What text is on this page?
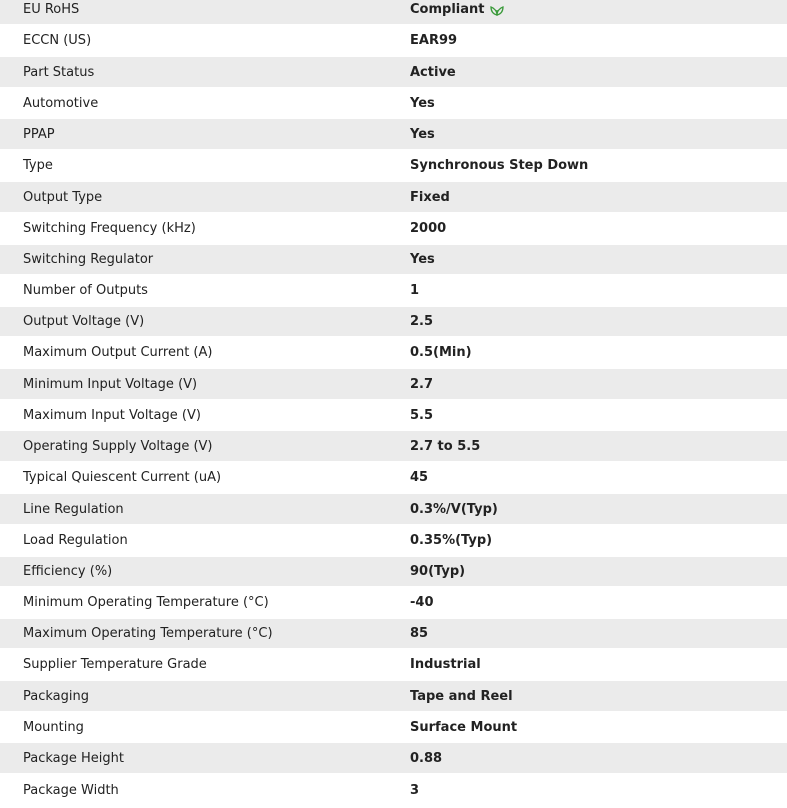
EU RoHS	Compliant
ECCN (US)	EAR99
Part Status	Active
Automotive	Yes
PPAP	Yes
Type	Synchronous Step Down
Output Type	Fixed
Switching Frequency (kHz)	2000
Switching Regulator	Yes
Number of Outputs	1
Output Voltage (V)	2.5
Maximum Output Current (A)	0.5(Min)
Minimum Input Voltage (V)	2.7
Maximum Input Voltage (V)	5.5
Operating Supply Voltage (V)	2.7 to 5.5
Typical Quiescent Current (uA)	45
Line Regulation	0.3%/V(Typ)
Load Regulation	0.35%(Typ)
Efficiency (%)	90(Typ)
Minimum Operating Temperature (°C)	-40
Maximum Operating Temperature (°C)	85
Supplier Temperature Grade	Industrial
Packaging	Tape and Reel
Mounting	Surface Mount
Package Height	0.88
Package Width	3
